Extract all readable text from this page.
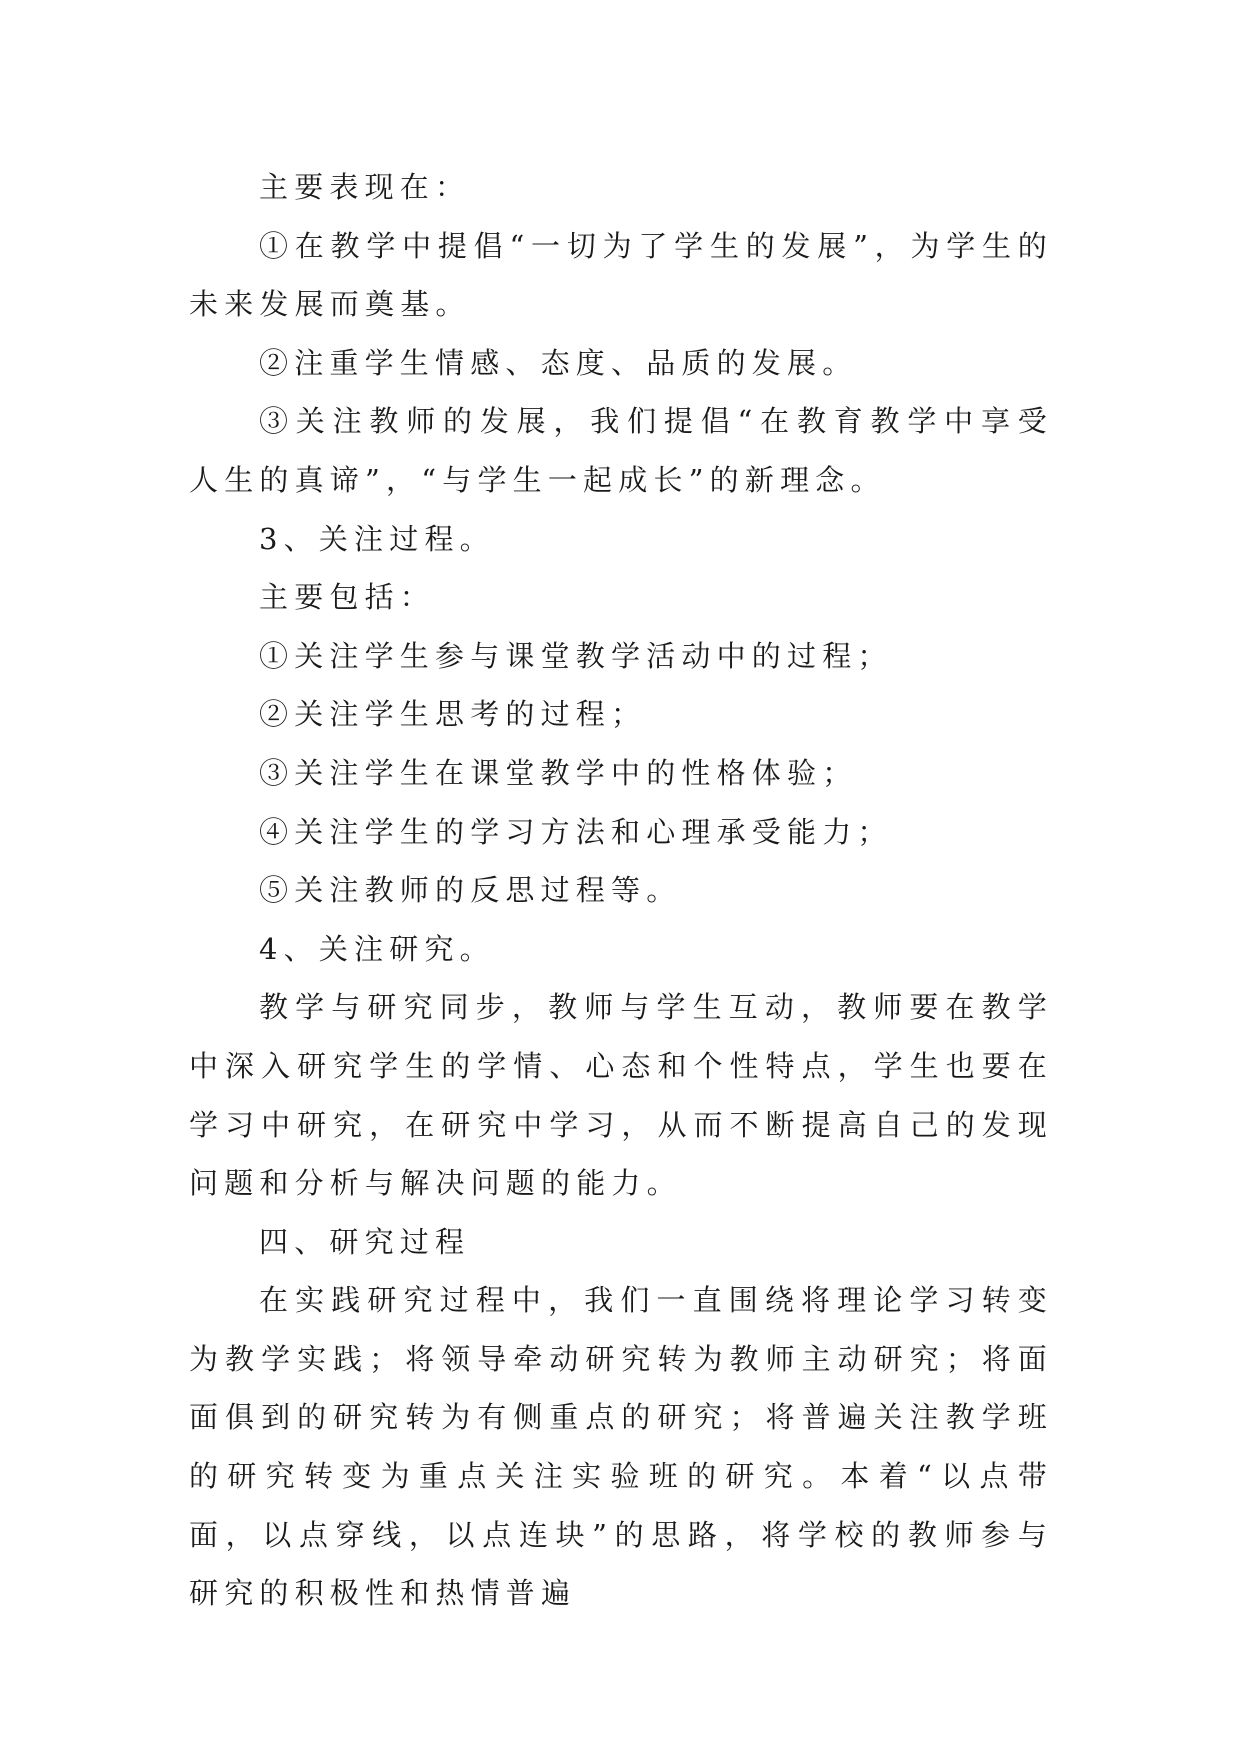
主要表现在：

①在教学中提倡“一切为了学生的发展”，为学生的未来发展而奠基。

②注重学生情感、态度、品质的发展。

③关注教师的发展，我们提倡“在教育教学中享受人生的真谛”，“与学生一起成长”的新理念。

3、关注过程。

主要包括：

①关注学生参与课堂教学活动中的过程；

②关注学生思考的过程；

③关注学生在课堂教学中的性格体验；

④关注学生的学习方法和心理承受能力；

⑤关注教师的反思过程等。

4、关注研究。

教学与研究同步，教师与学生互动，教师要在教学中深入研究学生的学情、心态和个性特点，学生也要在学习中研究，在研究中学习，从而不断提高自己的发现问题和分析与解决问题的能力。

四、研究过程

在实践研究过程中，我们一直围绕将理论学习转变为教学实践；将领导牵动研究转为教师主动研究；将面面俱到的研究转为有侧重点的研究；将普遍关注教学班的研究转变为重点关注实验班的研究。本着“以点带面，以点穿线，以点连块”的思路，将学校的教师参与研究的积极性和热情普遍
